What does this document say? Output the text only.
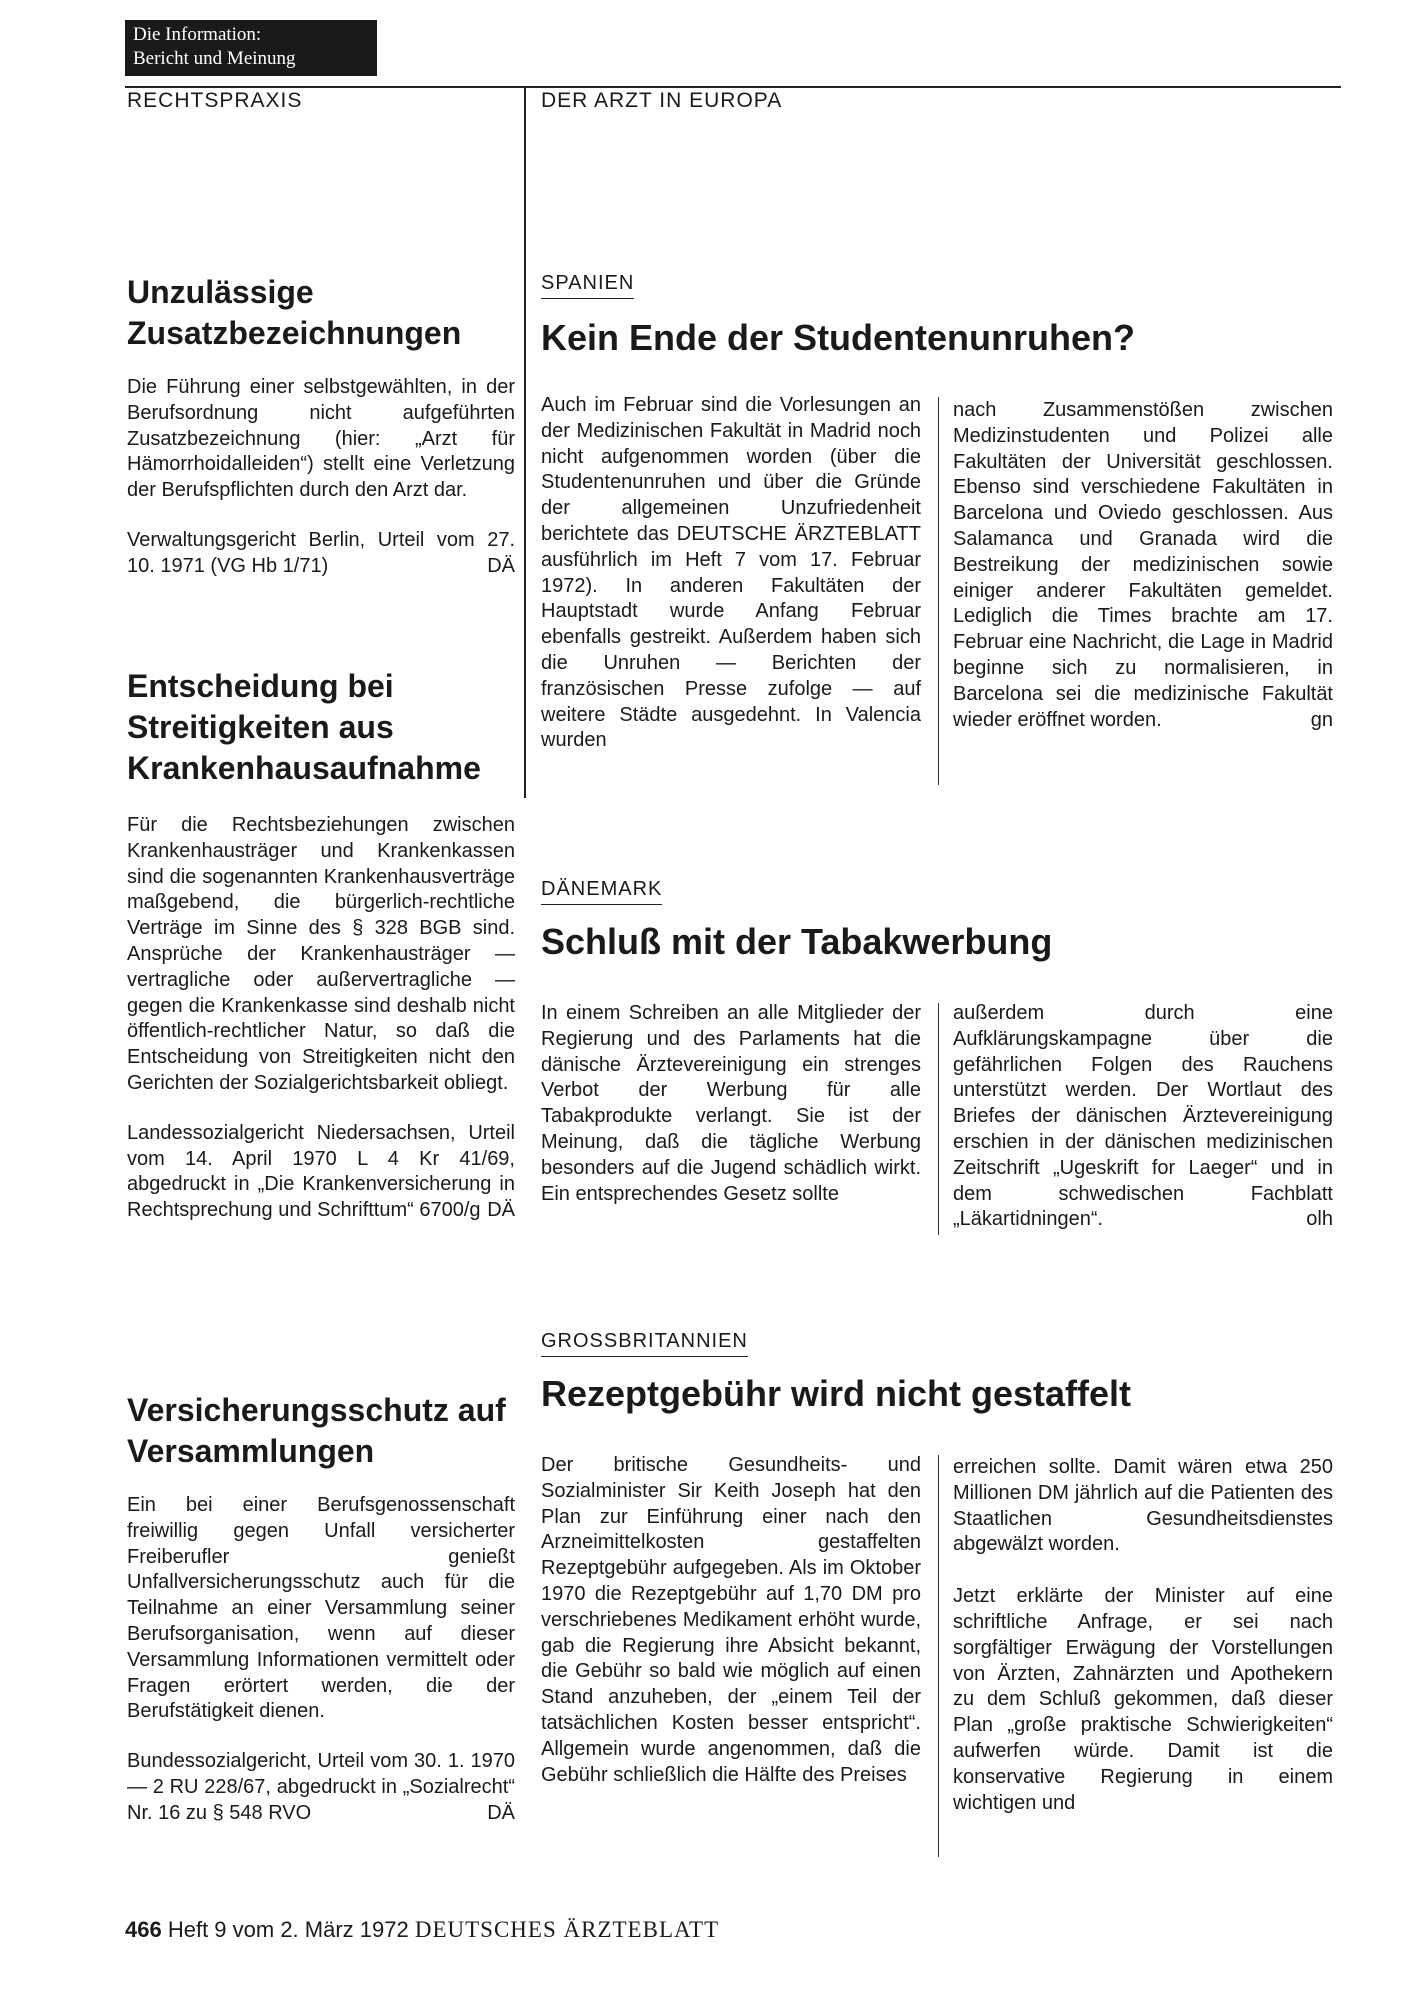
Die Information:
Bericht und Meinung
RECHTSPRAXIS	DER ARZT IN EUROPA
Unzulässige Zusatzbezeichnungen

Die Führung einer selbstgewählten, in der Berufsordnung nicht aufgeführten Zusatzbezeichnung (hier: „Arzt für Hämorrhoidalleiden“) stellt eine Verletzung der Berufspflichten durch den Arzt dar.

Verwaltungsgericht Berlin, Urteil vom 27. 10. 1971 (VG Hb 1/71)	DÄ

Entscheidung bei Streitigkeiten aus Krankenhausaufnahme

Für die Rechtsbeziehungen zwischen Krankenhausträger und Krankenkassen sind die sogenannten Krankenhausverträge maßgebend, die bürgerlich-rechtliche Verträge im Sinne des § 328 BGB sind. Ansprüche der Krankenhausträger — vertragliche oder außervertragliche — gegen die Krankenkasse sind deshalb nicht öffentlich-rechtlicher Natur, so daß die Entscheidung von Streitigkeiten nicht den Gerichten der Sozialgerichtsbarkeit obliegt.

Landessozialgericht Niedersachsen, Urteil vom 14. April 1970 L 4 Kr 41/69, abgedruckt in „Die Krankenversicherung in Rechtsprechung und Schrifttum“ 6700/g DÄ

Versicherungsschutz auf Versammlungen

Ein bei einer Berufsgenossenschaft freiwillig gegen Unfall versicherter Freiberufler genießt Unfallversicherungsschutz auch für die Teilnahme an einer Versammlung seiner Berufsorganisation, wenn auf dieser Versammlung Informationen vermittelt oder Fragen erörtert werden, die der Berufstätigkeit dienen.

Bundessozialgericht, Urteil vom 30. 1. 1970 — 2 RU 228/67, abgedruckt in „Sozialrecht“ Nr. 16 zu § 548 RVO	DÄ

SPANIEN
Kein Ende der Studentenunruhen?

Auch im Februar sind die Vorlesungen an der Medizinischen Fakultät in Madrid noch nicht aufgenommen worden (über die Studentenunruhen und über die Gründe der allgemeinen Unzufriedenheit berichtete das DEUTSCHE ÄRZTEBLATT ausführlich im Heft 7 vom 17. Februar 1972). In anderen Fakultäten der Hauptstadt wurde Anfang Februar ebenfalls gestreikt. Außerdem haben sich die Unruhen — Berichten der französischen Presse zufolge — auf weitere Städte ausgedehnt. In Valencia wurden

nach Zusammenstößen zwischen Medizinstudenten und Polizei alle Fakultäten der Universität geschlossen. Ebenso sind verschiedene Fakultäten in Barcelona und Oviedo geschlossen. Aus Salamanca und Granada wird die Bestreikung der medizinischen sowie einiger anderer Fakultäten gemeldet. Lediglich die Times brachte am 17. Februar eine Nachricht, die Lage in Madrid beginne sich zu normalisieren, in Barcelona sei die medizinische Fakultät wieder eröffnet worden.	gn

DÄNEMARK
Schluß mit der Tabakwerbung

In einem Schreiben an alle Mitglieder der Regierung und des Parlaments hat die dänische Ärztevereinigung ein strenges Verbot der Werbung für alle Tabakprodukte verlangt. Sie ist der Meinung, daß die tägliche Werbung besonders auf die Jugend schädlich wirkt. Ein entsprechendes Gesetz sollte

außerdem durch eine Aufklärungskampagne über die gefährlichen Folgen des Rauchens unterstützt werden. Der Wortlaut des Briefes der dänischen Ärztevereinigung erschien in der dänischen medizinischen Zeitschrift „Ugeskrift for Laeger“ und in dem schwedischen Fachblatt „Läkartidningen“.	olh

GROSSBRITANNIEN
Rezeptgebühr wird nicht gestaffelt

Der britische Gesundheits- und Sozialminister Sir Keith Joseph hat den Plan zur Einführung einer nach den Arzneimittelkosten gestaffelten Rezeptgebühr aufgegeben. Als im Oktober 1970 die Rezeptgebühr auf 1,70 DM pro verschriebenes Medikament erhöht wurde, gab die Regierung ihre Absicht bekannt, die Gebühr so bald wie möglich auf einen Stand anzuheben, der „einem Teil der tatsächlichen Kosten besser entspricht“. Allgemein wurde angenommen, daß die Gebühr schließlich die Hälfte des Preises

erreichen sollte. Damit wären etwa 250 Millionen DM jährlich auf die Patienten des Staatlichen Gesundheitsdienstes abgewälzt worden.

Jetzt erklärte der Minister auf eine schriftliche Anfrage, er sei nach sorgfältiger Erwägung der Vorstellungen von Ärzten, Zahnärzten und Apothekern zu dem Schluß gekommen, daß dieser Plan „große praktische Schwierigkeiten“ aufwerfen würde. Damit ist die konservative Regierung in einem wichtigen und

466 Heft 9 vom 2. März 1972 DEUTSCHES ÄRZTEBLATT
